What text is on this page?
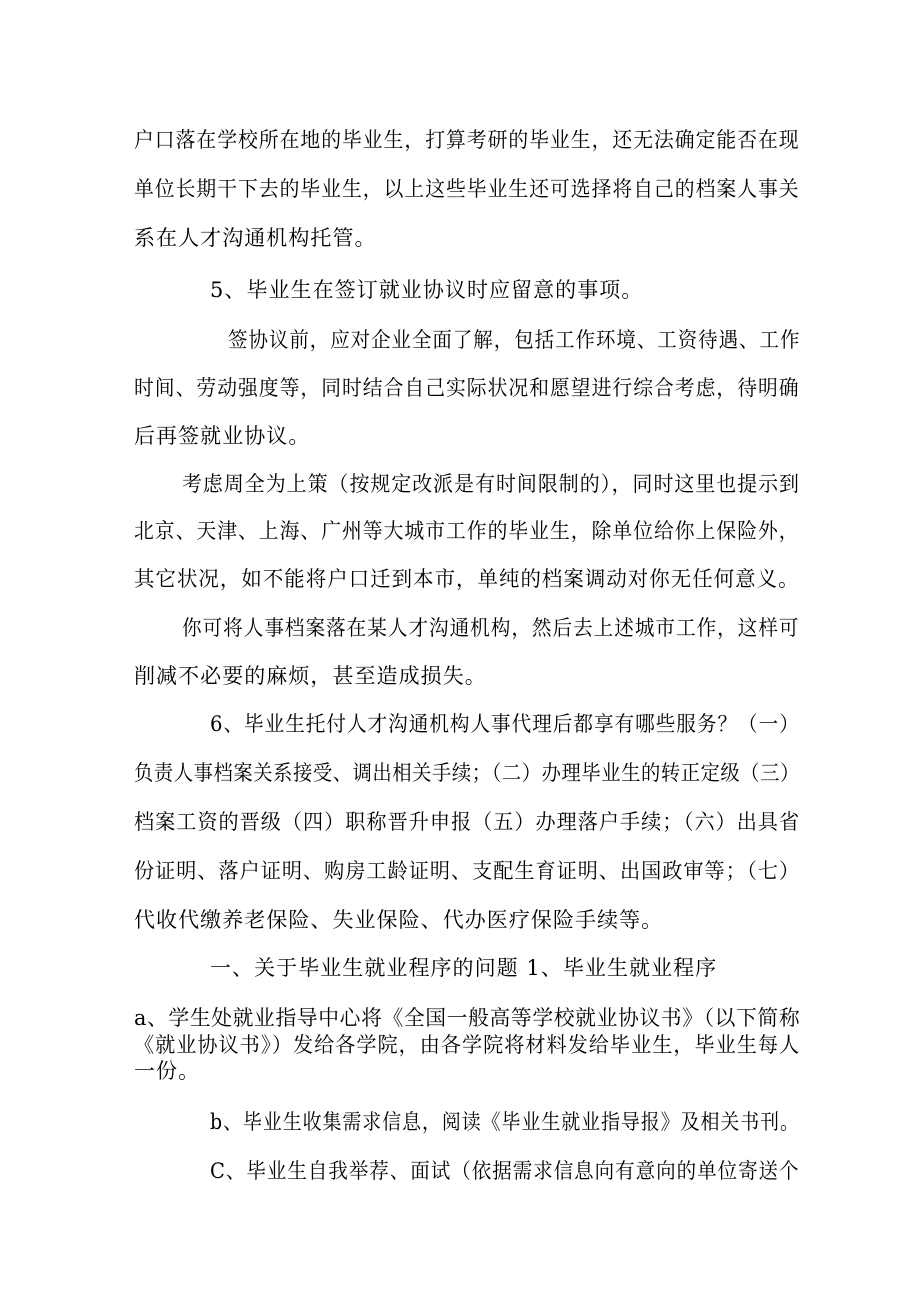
户口落在学校所在地的毕业生，打算考研的毕业生，还无法确定能否在现
单位长期干下去的毕业生，以上这些毕业生还可选择将自己的档案人事关
系在人才沟通机构托管。
5、毕业生在签订就业协议时应留意的事项。
签协议前，应对企业全面了解，包括工作环境、工资待遇、工作
时间、劳动强度等，同时结合自己实际状况和愿望进行综合考虑，待明确
后再签就业协议。
考虑周全为上策（按规定改派是有时间限制的），同时这里也提示到
北京、天津、上海、广州等大城市工作的毕业生，除单位给你上保险外，
其它状况，如不能将户口迁到本市，单纯的档案调动对你无任何意义。
你可将人事档案落在某人才沟通机构，然后去上述城市工作，这样可
削减不必要的麻烦，甚至造成损失。
6、毕业生托付人才沟通机构人事代理后都享有哪些服务？（一）
负责人事档案关系接受、调出相关手续；（二）办理毕业生的转正定级（三）
档案工资的晋级（四）职称晋升申报（五）办理落户手续；（六）出具省
份证明、落户证明、购房工龄证明、支配生育证明、出国政审等；（七）
代收代缴养老保险、失业保险、代办医疗保险手续等。
一、关于毕业生就业程序的问题 1、毕业生就业程序
a、学生处就业指导中心将《全国一般高等学校就业协议书》（以下简称
《就业协议书》）发给各学院，由各学院将材料发给毕业生，毕业生每人
一份。
b、毕业生收集需求信息，阅读《毕业生就业指导报》及相关书刊。
C、毕业生自我举荐、面试（依据需求信息向有意向的单位寄送个
